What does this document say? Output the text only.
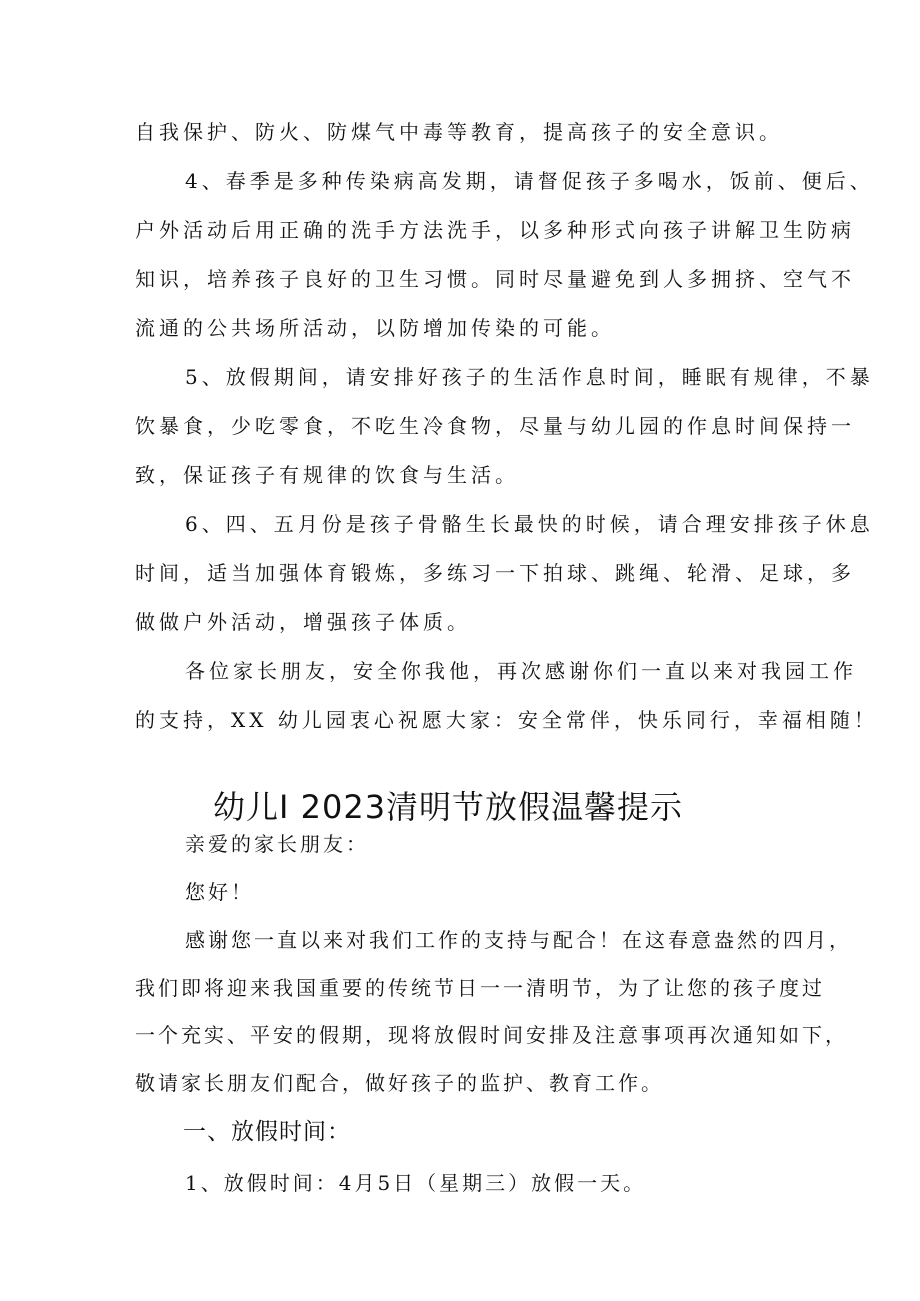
自我保护、防火、防煤气中毒等教育，提高孩子的安全意识。
4、春季是多种传染病高发期，请督促孩子多喝水，饭前、便后、
户外活动后用正确的洗手方法洗手，以多种形式向孩子讲解卫生防病
知识，培养孩子良好的卫生习惯。同时尽量避免到人多拥挤、空气不
流通的公共场所活动，以防增加传染的可能。
5、放假期间，请安排好孩子的生活作息时间，睡眠有规律，不暴
饮暴食，少吃零食，不吃生冷食物，尽量与幼儿园的作息时间保持一
致，保证孩子有规律的饮食与生活。
6、四、五月份是孩子骨骼生长最快的时候，请合理安排孩子休息
时间，适当加强体育锻炼，多练习一下拍球、跳绳、轮滑、足球，多
做做户外活动，增强孩子体质。
各位家长朋友，安全你我他，再次感谢你们一直以来对我园工作
的支持，XX 幼儿园衷心祝愿大家：安全常伴，快乐同行，幸福相随！
幼儿I 2023清明节放假温馨提示
亲爱的家长朋友：
您好！
感谢您一直以来对我们工作的支持与配合！在这春意盎然的四月，
我们即将迎来我国重要的传统节日一一清明节，为了让您的孩子度过
一个充实、平安的假期，现将放假时间安排及注意事项再次通知如下，
敬请家长朋友们配合，做好孩子的监护、教育工作。
一、放假时间：
1、放假时间：4月5日（星期三）放假一天。
